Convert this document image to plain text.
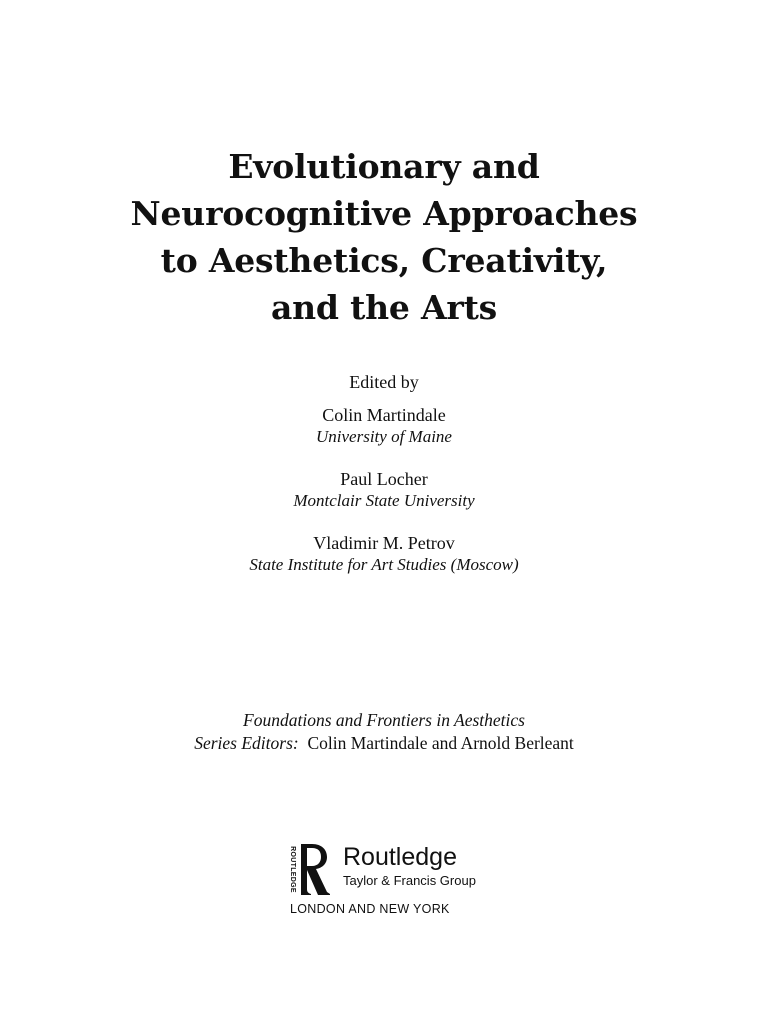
Evolutionary and
Neurocognitive Approaches
to Aesthetics, Creativity,
and the Arts
Edited by
Colin Martindale
University of Maine
Paul Locher
Montclair State University
Vladimir M. Petrov
State Institute for Art Studies (Moscow)
Foundations and Frontiers in Aesthetics
Series Editors: Colin Martindale and Arnold Berleant
ROUTLEDGE Routledge
Taylor & Francis Group
LONDON AND NEW YORK
